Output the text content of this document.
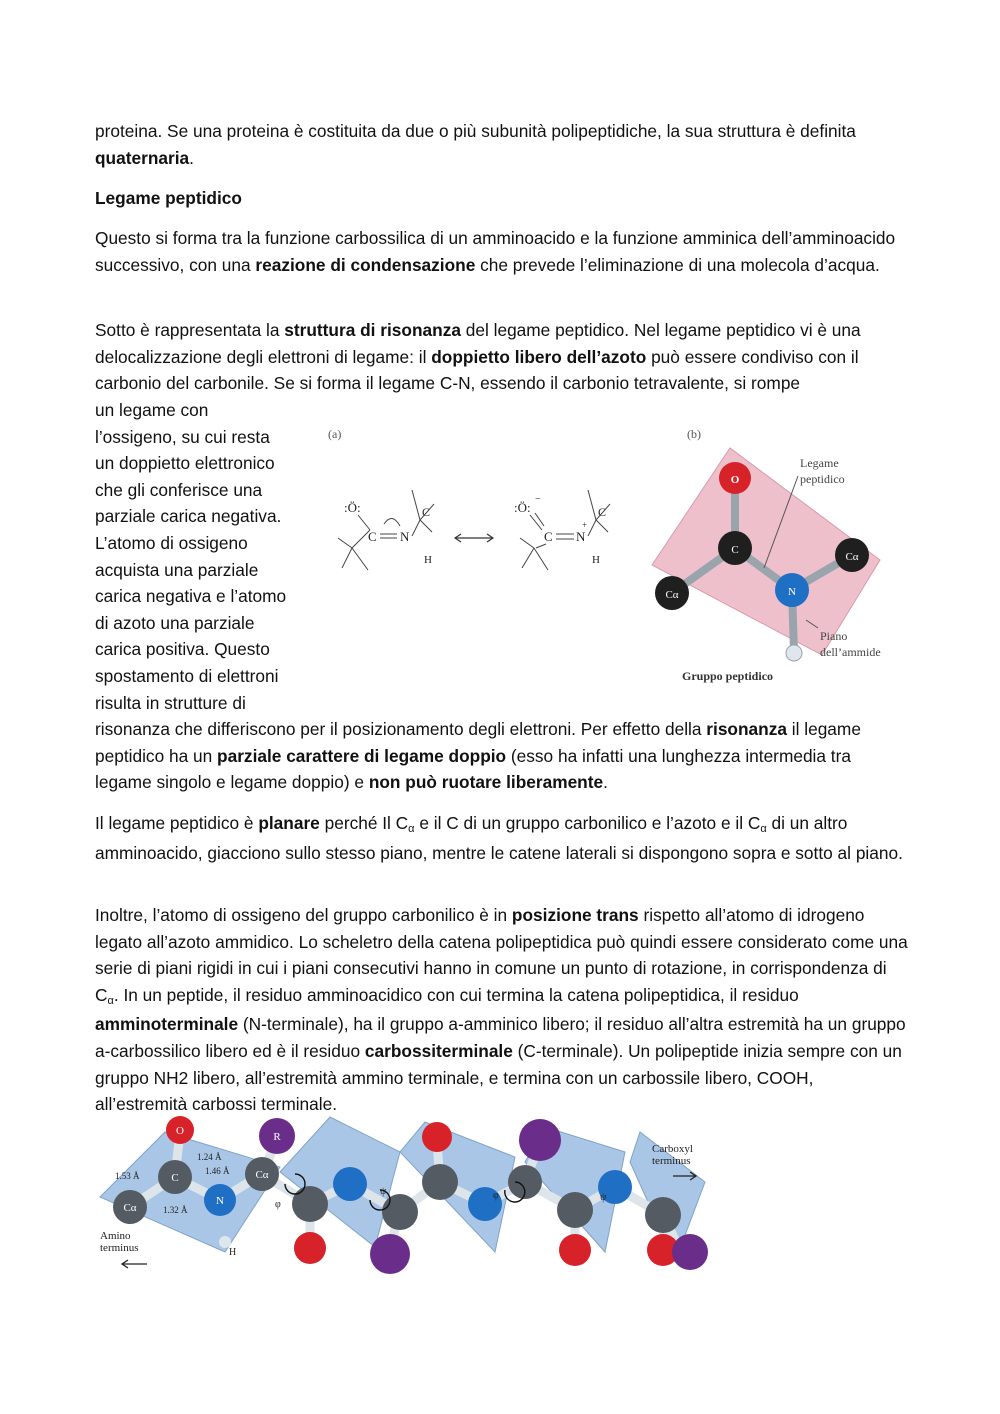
proteina. Se una proteina è costituita da due o più subunità polipeptidiche, la sua struttura è definita quaternaria.

Legame peptidico

Questo si forma tra la funzione carbossilica di un amminoacido e la funzione amminica dell’amminoacido successivo, con una reazione di condensazione che prevede l’eliminazione di una molecola d’acqua.

Sotto è rappresentata la struttura di risonanza del legame peptidico. Nel legame peptidico vi è una delocalizzazione degli elettroni di legame: il doppietto libero dell’azoto può essere condiviso con il carbonio del carbonile. Se si forma il legame C-N, essendo il carbonio tetravalente, si rompe

un legame con
l’ossigeno, su cui resta
un doppietto elettronico
che gli conferisce una
parziale carica negativa.
L’atomo di ossigeno
acquista una parziale
carica negativa e l’atomo
di azoto una parziale
carica positiva. Questo
spostamento di elettroni
risulta in strutture di

risonanza che differiscono per il posizionamento degli elettroni. Per effetto della risonanza il legame peptidico ha un parziale carattere di legame doppio (esso ha infatti una lunghezza intermedia tra legame singolo e legame doppio) e non può ruotare liberamente.

Il legame peptidico è planare perché Il Cα e il C di un gruppo carbonilico e l’azoto e il Cα di un altro amminoacido, giacciono sullo stesso piano, mentre le catene laterali si dispongono sopra e sotto al piano.

Inoltre, l’atomo di ossigeno del gruppo carbonilico è in posizione trans rispetto all’atomo di idrogeno legato all’azoto ammidico. Lo scheletro della catena polipeptidica può quindi essere considerato come una serie di piani rigidi in cui i piani consecutivi hanno in comune un punto di rotazione, in corrispondenza di Cα. In un peptide, il residuo amminoacidico con cui termina la catena polipeptidica, il residuo amminoterminale (N-terminale), ha il gruppo a-amminico libero; il residuo all’altra estremità ha un gruppo a-carbossilico libero ed è il residuo carbossiterminale (C-terminale). Un polipeptide inizia sempre con un gruppo NH2 libero, all’estremità ammino terminale, e termina con un carbossile libero, COOH, all’estremità carbossi terminale.

(a)	(b)
:Ö:
C N
H
C	:Ö:
−
C N
+
H
C
O
C
Cα
Cα
N
Legame
peptidico
Piano
dell’ammide
Gruppo peptidico
Cα
C
O
N
Cα
R
H
1.53 Å
1.24 Å
1.46 Å
1.32 Å	φ
ψ	φ	ψ
Amino
terminus
Carboxyl
terminus
